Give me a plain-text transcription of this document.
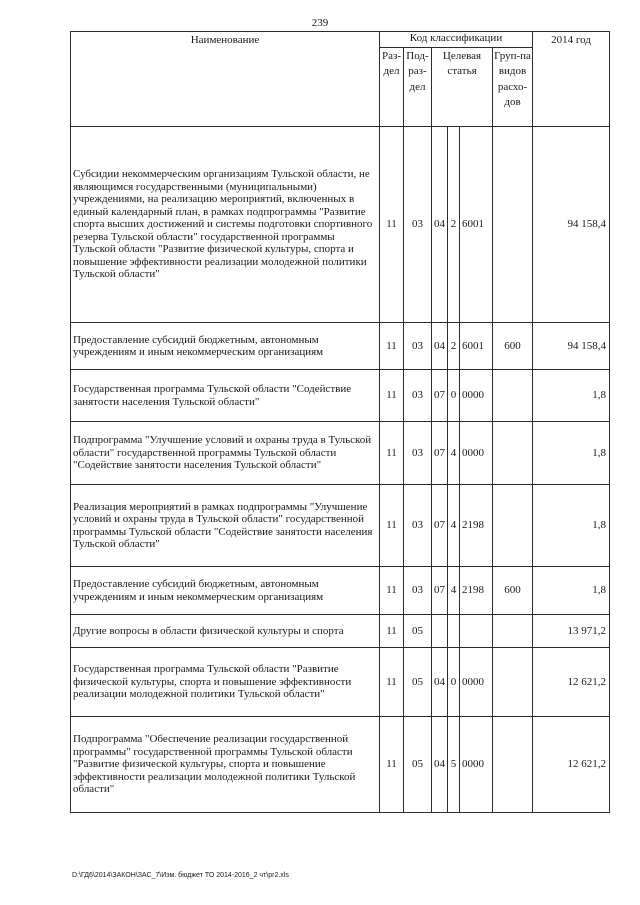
239
Наименование	Код классификации						2014 год
	Раз-дел	Под-раз-дел	Целевая статья			Груп-па видов расхо-дов	
Субсидии некоммерческим организациям Тульской области, не являющимся государственными (муниципальными) учреждениями, на реализацию мероприятий, включенных в единый календарный план, в рамках подпрограммы "Развитие спорта высших достижений и системы подготовки спортивного резерва Тульской области" государственной программы Тульской области "Развитие физической культуры, спорта и повышение эффективности реализации молодежной политики Тульской области"	11	03	04	2	6001		94 158,4
Предоставление субсидий бюджетным, автономным учреждениям и иным некоммерческим организациям	11	03	04	2	6001	600	94 158,4
Государственная программа Тульской области "Содействие занятости населения Тульской области"	11	03	07	0	0000		1,8
Подпрограмма "Улучшение условий и охраны труда в Тульской области" государственной программы Тульской области "Содействие занятости населения Тульской области"	11	03	07	4	0000		1,8
Реализация мероприятий в рамках подпрограммы "Улучшение условий и охраны труда в Тульской области" государственной программы Тульской области "Содействие занятости населения Тульской области"	11	03	07	4	2198		1,8
Предоставление субсидий бюджетным, автономным учреждениям и иным некоммерческим организациям	11	03	07	4	2198	600	1,8
Другие вопросы в области физической культуры и спорта	11	05					13 971,2
Государственная программа Тульской области "Развитие физической культуры, спорта и повышение эффективности реализации молодежной политики Тульской области"	11	05	04	0	0000		12 621,2
Подпрограмма "Обеспечение реализации государственной программы" государственной программы Тульской области "Развитие физической культуры, спорта и повышение эффективности реализации молодежной политики Тульской области"	11	05	04	5	0000		12 621,2
D:\ГД6\2014\ЗАКОН\ЗАС_7\Изм. бюджет ТО 2014-2016_2 чт\pr2.xls
